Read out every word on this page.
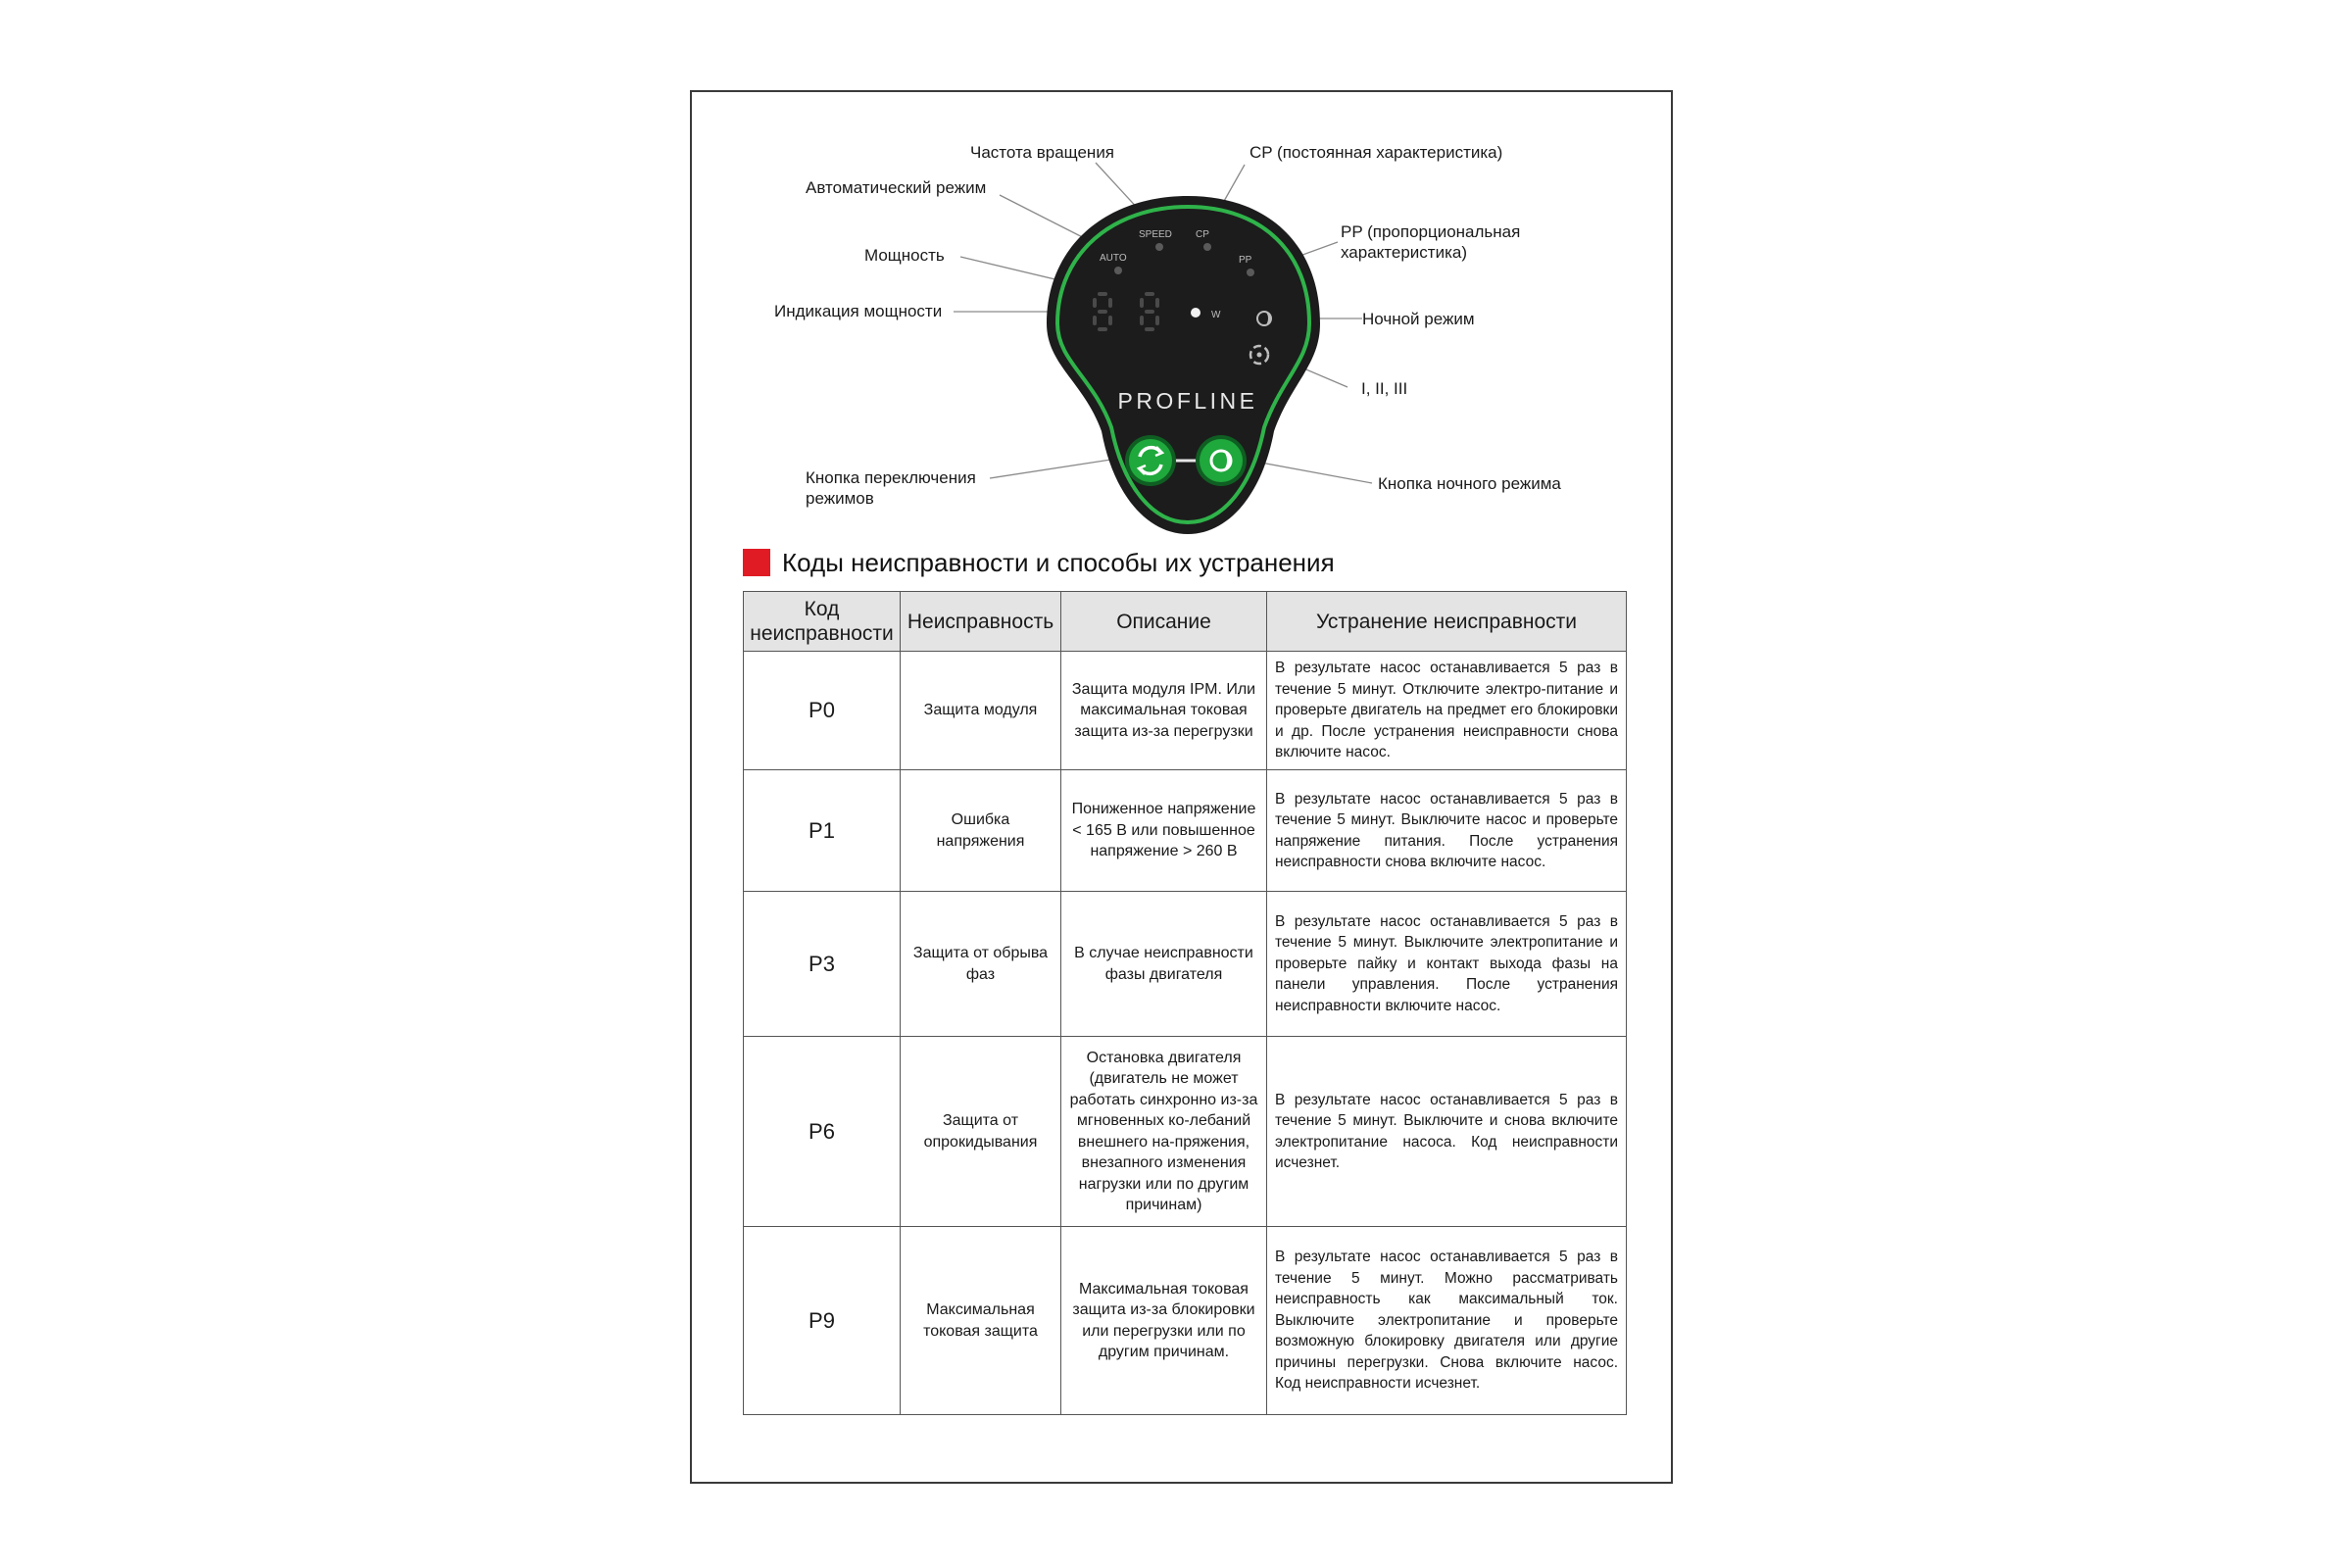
SPEED CP
AUTO	PP
W
PROFLINE
Частота вращения	CP (постоянная характеристика)
Автоматический режим
PP (пропорциональная
характеристика)
Мощность
Индикация мощности	Ночной режим
I, II, III
Кнопка переключения
режимов
Кнопка ночного режима
Коды неисправности и способы их устранения
Код
неисправности	Неисправность	Описание	Устранение неисправности
P0	Защита модуля	Защита модуля IPM. Или максимальная токовая защита из-за перегрузки	В результате насос останавливается 5 раз в течение 5 минут. Отключите электро-питание и проверьте двигатель на предмет его блокировки и др. После устранения неисправности снова включите насос.
P1	Ошибка напряжения	Пониженное напряжение < 165 В или повышенное напряжение > 260 В	В результате насос останавливается 5 раз в течение 5 минут. Выключите насос и проверьте напряжение питания. После устранения неисправности снова включите насос.
P3	Защита от обрыва фаз	В случае неисправности фазы двигателя	В результате насос останавливается 5 раз в течение 5 минут. Выключите электропитание и проверьте пайку и контакт выхода фазы на панели управления. После устранения неисправности включите насос.
P6	Защита от опрокидывания	Остановка двигателя (двигатель не может работать синхронно из-за мгновенных ко-лебаний внешнего на-пряжения, внезапного изменения нагрузки или по другим причинам)	В результате насос останавливается 5 раз в течение 5 минут. Выключите и снова включите электропитание насоса. Код неисправности исчезнет.
P9	Максимальная токовая защита	Максимальная токовая защита из-за блокировки или перегрузки или по другим причинам.	В результате насос останавливается 5 раз в течение 5 минут. Можно рассматривать неисправность как максимальный ток. Выключите электропитание и проверьте возможную блокировку двигателя или другие причины перегрузки. Снова включите насос. Код неисправности исчезнет.
